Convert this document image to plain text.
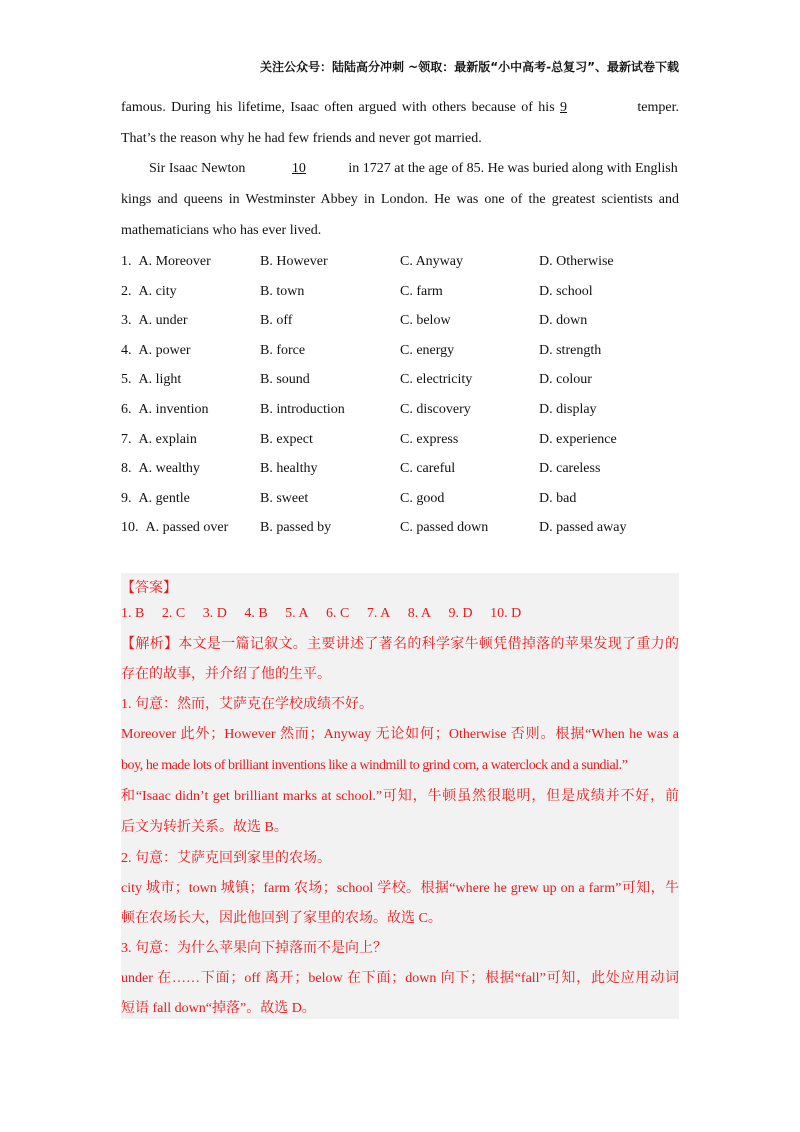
关注公众号：陆陆高分冲刺 ~领取：最新版“小中高考-总复习”、最新试卷下载
famous. During his lifetime, Isaac often argued with others because of his 9	temper.
That’s the reason why he had few friends and never got married.
Sir Isaac Newton	10	in 1727 at the age of 85. He was buried along with English
kings and queens in Westminster Abbey in London. He was one of the greatest scientists and
mathematicians who has ever lived.
1. A. Moreover	B. However	C. Anyway	D. Otherwise
2. A. city	B. town	C. farm	D. school
3. A. under	B. off	C. below	D. down
4. A. power	B. force	C. energy	D. strength
5. A. light	B. sound	C. electricity	D. colour
6. A. invention	B. introduction	C. discovery	D. display
7. A. explain	B. expect	C. express	D. experience
8. A. wealthy	B. healthy	C. careful	D. careless
9. A. gentle	B. sweet	C. good	D. bad
10. A. passed over B. passed by	C. passed down	D. passed away
【答案】
1. B 2. C 3. D 4. B 5. A 6. C 7. A 8. A 9. D 10. D
【解析】本文是一篇记叙文。主要讲述了著名的科学家牛顿凭借掉落的苹果发现了重力的
存在的故事，并介绍了他的生平。
1. 句意：然而，艾萨克在学校成绩不好。
Moreover 此外；However 然而；Anyway 无论如何；Otherwise 否则。根据“When he was a
boy, he made lots of brilliant inventions like a windmill to grind corn, a waterclock and a sundial.”
和“Isaac didn’t get brilliant marks at school.”可知，牛顿虽然很聪明，但是成绩并不好，前
后文为转折关系。故选 B。
2. 句意：艾萨克回到家里的农场。
city 城市；town 城镇；farm 农场；school 学校。根据“where he grew up on a farm”可知，牛
顿在农场长大，因此他回到了家里的农场。故选 C。
3. 句意：为什么苹果向下掉落而不是向上？
under 在……下面；off 离开；below 在下面；down 向下；根据“fall”可知，此处应用动词
短语 fall down“掉落”。故选 D。
